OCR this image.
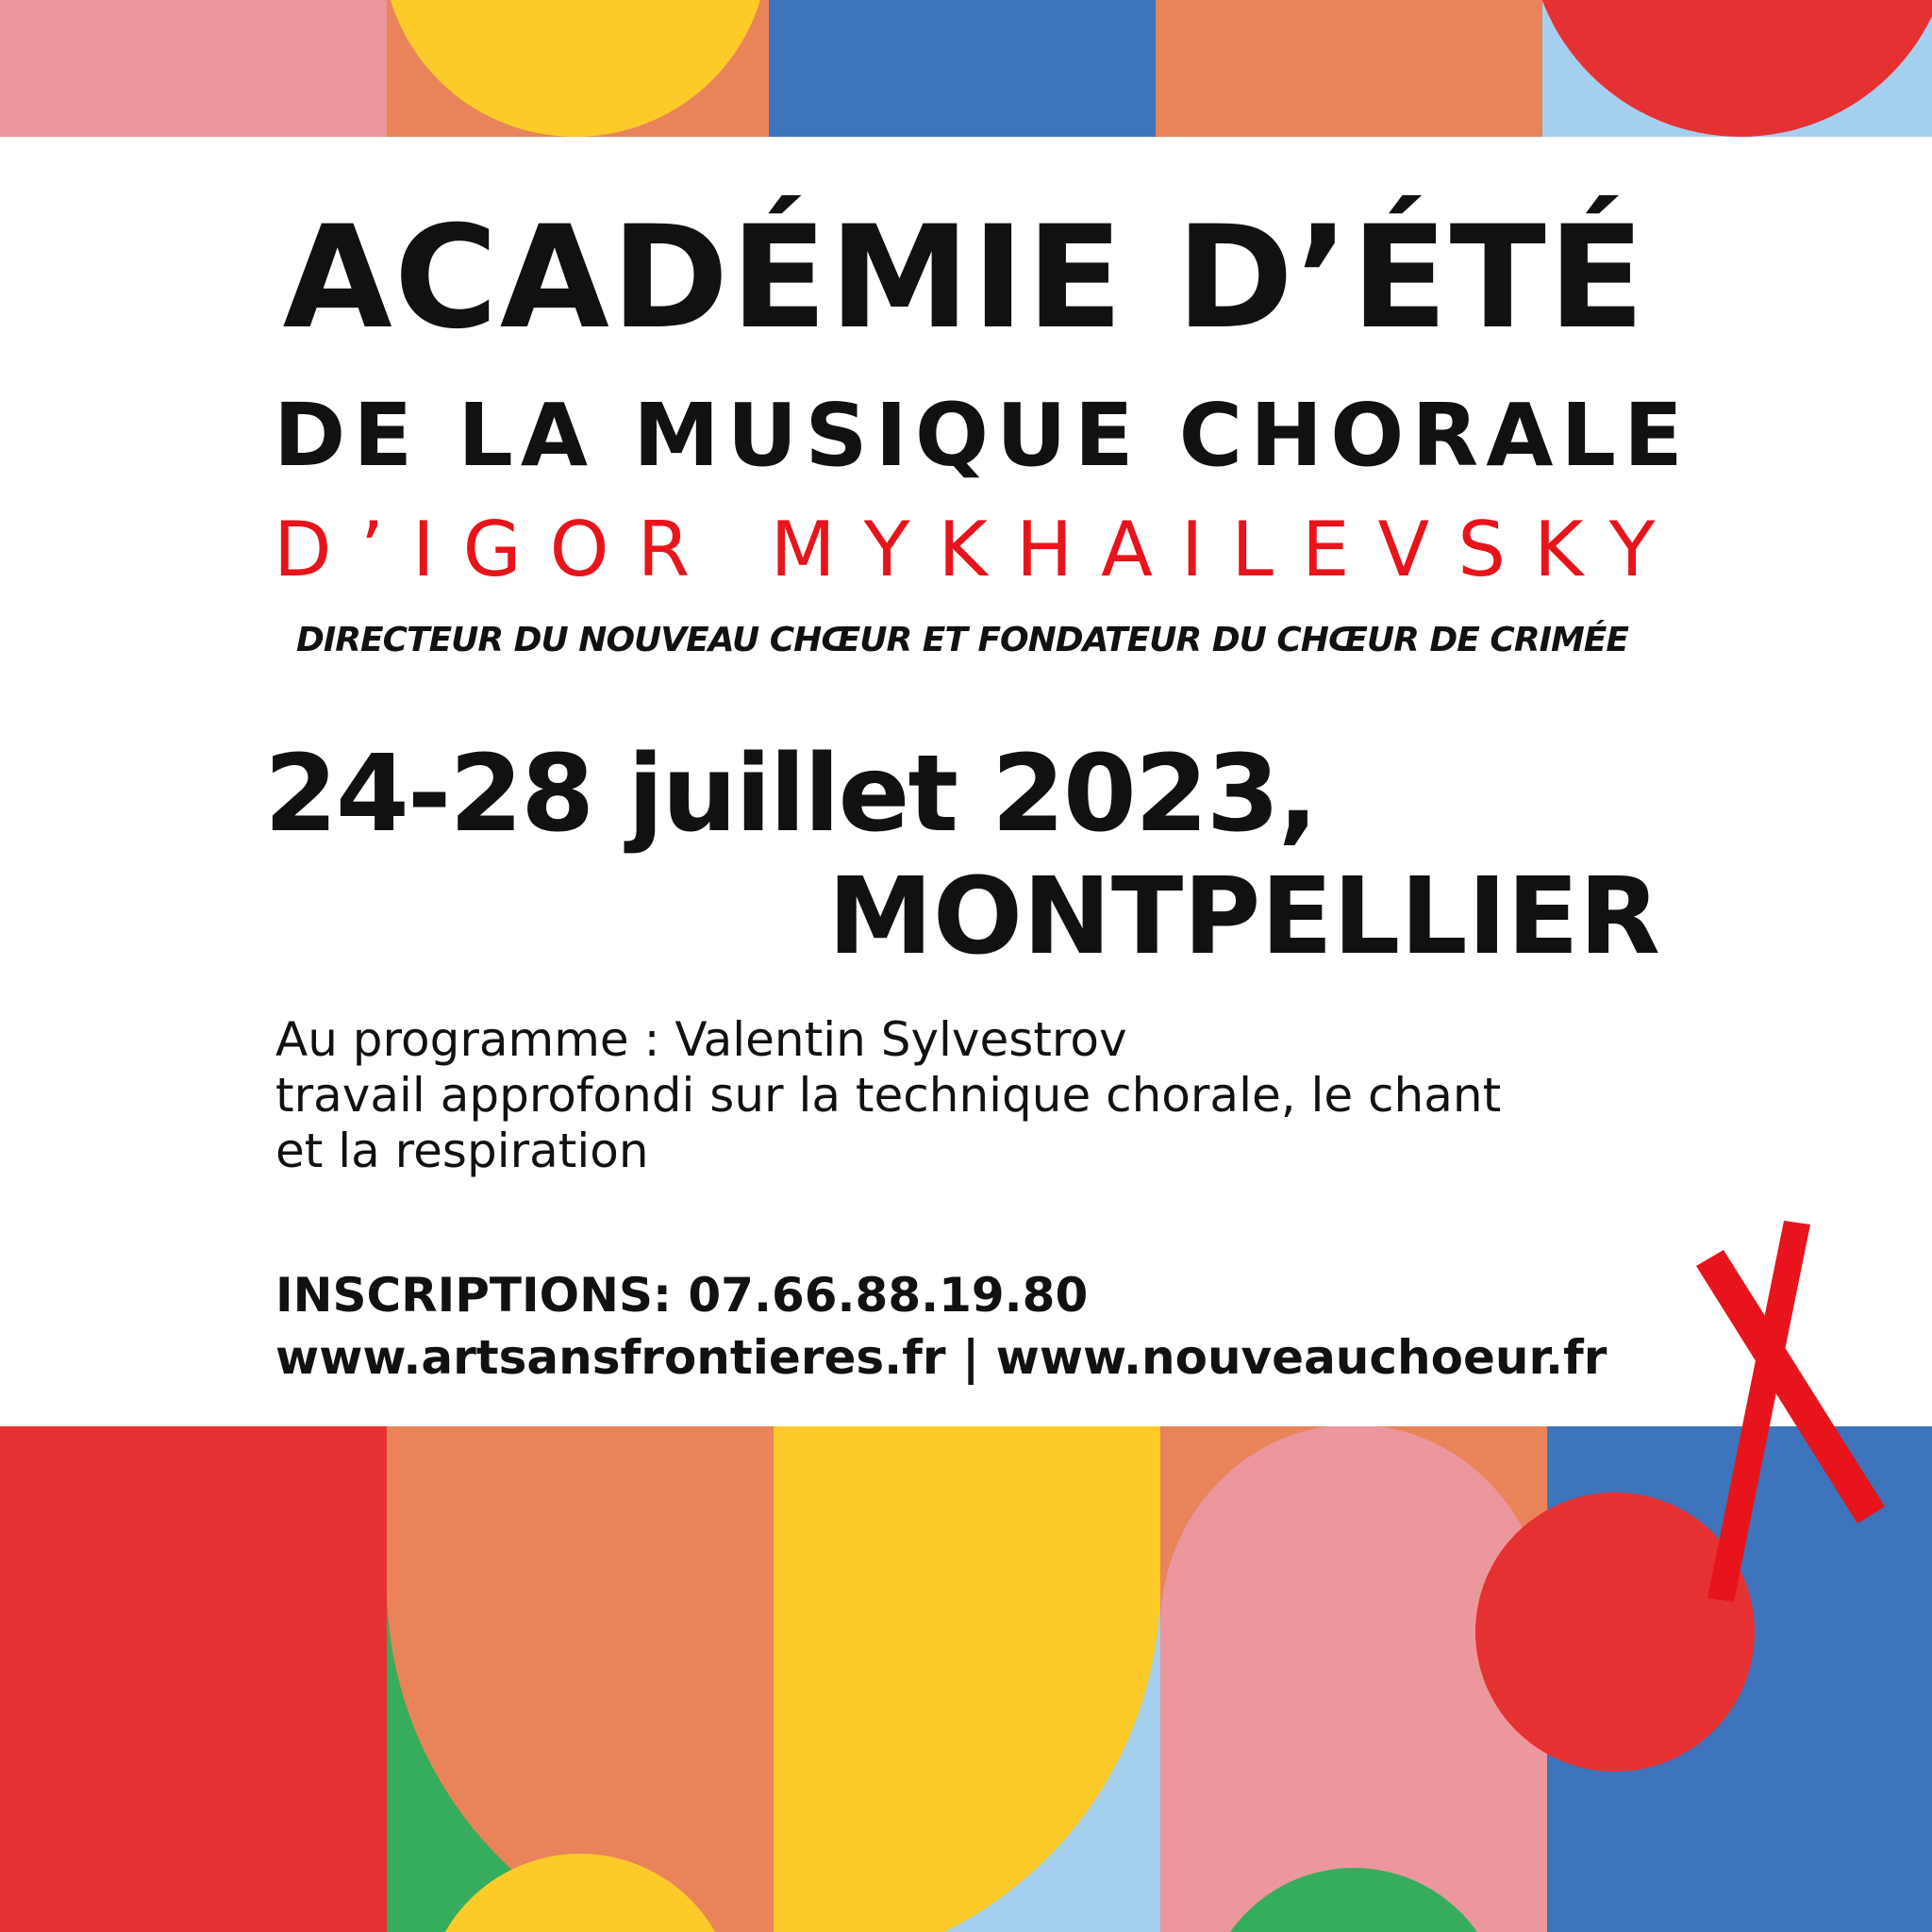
ACADÉMIE D’ÉTÉ
DE LA MUSIQUE CHORALE
D’IGOR MYKHAILEVSKY
DIRECTEUR DU NOUVEAU CHŒUR ET FONDATEUR DU CHŒUR DE CRIMÉE
24-28 juillet 2023,
MONTPELLIER
Au programme : Valentin Sylvestrov
travail approfondi sur la technique chorale, le chant
et la respiration
INSCRIPTIONS: 07.66.88.19.80
www.artsansfrontieres.fr | www.nouveauchoeur.fr
